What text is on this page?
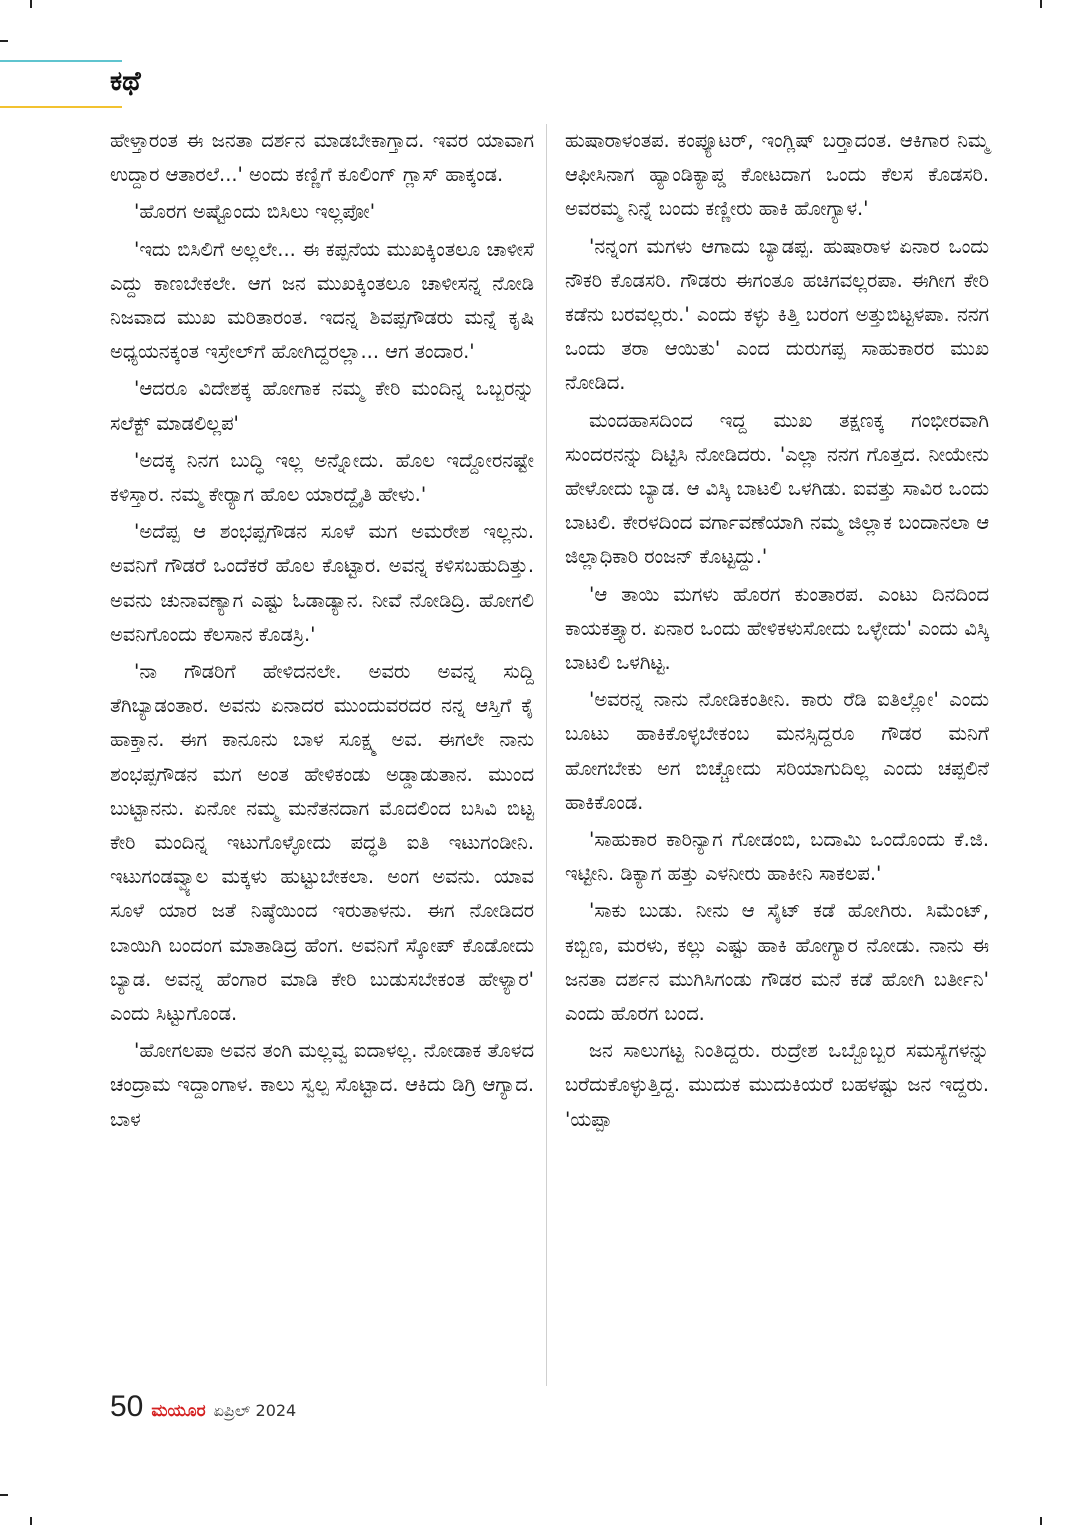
ಕಥೆ

ಹೇಳ್ತಾರಂತ ಈ ಜನತಾ ದರ್ಶನ ಮಾಡಬೇಕಾಗ್ತಾದ. ಇವರ ಯಾವಾಗ ಉದ್ದಾರ ಆತಾರಲೆ...' ಅಂದು ಕಣ್ಣಿಗೆ ಕೂಲಿಂಗ್ ಗ್ಲಾಸ್ ಹಾಕ್ಕಂಡ.

'ಹೊರಗ ಅಷ್ಟೊಂದು ಬಿಸಿಲು ಇಲ್ಲಪೋ'

'ಇದು ಬಿಸಿಲಿಗೆ ಅಲ್ಲಲೇ... ಈ ಕಪ್ಪನೆಯ ಮುಖಕ್ಕಿಂತಲೂ ಚಾಳೀಸೆ ಎದ್ದು ಕಾಣಬೇಕಲೇ. ಆಗ ಜನ ಮುಖಕ್ಕಿಂತಲೂ ಚಾಳೀಸನ್ನ ನೋಡಿ ನಿಜವಾದ ಮುಖ ಮರಿತಾರಂತ. ಇದನ್ನ ಶಿವಪ್ಪಗೌಡರು ಮನ್ನೆ ಕೃಷಿ ಅಧ್ಯಯನಕ್ಕಂತ ಇಸ್ರೇಲ್‌ಗೆ ಹೋಗಿದ್ದರಲ್ಲಾ... ಆಗ ತಂದಾರ.'

'ಆದರೂ ವಿದೇಶಕ್ಕ ಹೋಗಾಕ ನಮ್ಮ ಕೇರಿ ಮಂದಿನ್ನ ಒಬ್ಬರನ್ನು ಸಲೆಕ್ಟ್ ಮಾಡಲಿಲ್ಲಪ'

'ಅದಕ್ಕ ನಿನಗ ಬುದ್ಧಿ ಇಲ್ಲ ಅನ್ನೋದು. ಹೊಲ ಇದ್ದೋರನಷ್ಟೇ ಕಳಿಸ್ತಾರ. ನಮ್ಮ ಕೇರ್‍ಯಾಗ ಹೊಲ ಯಾರದ್ದೈತಿ ಹೇಳು.'

'ಅದೆಪ್ಪ ಆ ಶಂಭಪ್ಪಗೌಡನ ಸೂಳೆ ಮಗ ಅಮರೇಶ ಇಲ್ಲನು. ಅವನಿಗೆ ಗೌಡರೆ ಒಂದೆಕರೆ ಹೊಲ ಕೊಟ್ಟಾರ. ಅವನ್ನ ಕಳಿಸಬಹುದಿತ್ತು. ಅವನು ಚುನಾವಣ್ಯಾಗ ಎಷ್ಟು ಓಡಾಡ್ಯಾನ. ನೀವೆ ನೋಡಿದ್ರಿ. ಹೋಗಲಿ ಅವನಿಗೊಂದು ಕೆಲಸಾನ ಕೊಡಸ್ರಿ.'

'ನಾ ಗೌಡರಿಗೆ ಹೇಳಿದನಲೇ. ಅವರು ಅವನ್ನ ಸುದ್ದಿ ತೆಗಿಬ್ಯಾಡಂತಾರ. ಅವನು ಏನಾದರ ಮುಂದುವರದರ ನನ್ನ ಆಸ್ತಿಗೆ ಕೈ ಹಾಕ್ತಾನ. ಈಗ ಕಾನೂನು ಬಾಳ ಸೂಕ್ಷ್ಮ ಅವ. ಈಗಲೇ ನಾನು ಶಂಭಪ್ಪಗೌಡನ ಮಗ ಅಂತ ಹೇಳಿಕಂಡು ಅಡ್ಡಾಡುತಾನ. ಮುಂದ ಬುಟ್ಟಾನನು. ಏನೋ ನಮ್ಮ ಮನೆತನದಾಗ ಮೊದಲಿಂದ ಬಸಿವಿ ಬಿಟ್ಟ ಕೇರಿ ಮಂದಿನ್ನ ಇಟುಗೊಳ್ಳೋದು ಪದ್ಧತಿ ಐತಿ ಇಟುಗಂಡೀನಿ. ಇಟುಗಂಡವ್ವ್ಯಾಲ ಮಕ್ಕಳು ಹುಟ್ಟುಬೇಕಲಾ. ಅಂಗ ಅವನು. ಯಾವ ಸೂಳೆ ಯಾರ ಜತೆ ನಿಷ್ಠೆಯಿಂದ ಇರುತಾಳನು. ಈಗ ನೋಡಿದರ ಬಾಯಿಗಿ ಬಂದಂಗ ಮಾತಾಡಿದ್ರ ಹೆಂಗ. ಅವನಿಗೆ ಸ್ಕೋಪ್ ಕೊಡೋದು ಬ್ಯಾಡ. ಅವನ್ನ ಹೆಂಗಾರ ಮಾಡಿ ಕೇರಿ ಬುಡುಸಬೇಕಂತ ಹೇಳ್ಯಾರ' ಎಂದು ಸಿಟ್ಟುಗೊಂಡ.

'ಹೋಗಲಪಾ ಅವನ ತಂಗಿ ಮಲ್ಲವ್ವ ಐದಾಳಲ್ಲ. ನೋಡಾಕ ತೊಳದ ಚಂದ್ರಾಮ ಇದ್ದಾಂಗಾಳ. ಕಾಲು ಸ್ವಲ್ಪ ಸೊಟ್ಟಾದ. ಆಕಿದು ಡಿಗ್ರಿ ಆಗ್ಯಾದ. ಬಾಳ

ಹುಷಾರಾಳಂತಪ. ಕಂಪ್ಯೂಟರ್, ಇಂಗ್ಲಿಷ್ ಬರ್‍ತಾದಂತ. ಆಕಿಗಾರ ನಿಮ್ಮ ಆಫೀಸಿನಾಗ ಹ್ಯಾಂಡಿಕ್ಯಾಪ್ಡ ಕೋಟದಾಗ ಒಂದು ಕೆಲಸ ಕೊಡಸರಿ. ಅವರಮ್ಮ ನಿನ್ನೆ ಬಂದು ಕಣ್ಣೀರು ಹಾಕಿ ಹೋಗ್ಯಾಳ.'

'ನನ್ನಂಗ ಮಗಳು ಆಗಾದು ಬ್ಯಾಡಪ್ಪ. ಹುಷಾರಾಳ ಏನಾರ ಒಂದು ನೌಕರಿ ಕೊಡಸರಿ. ಗೌಡರು ಈಗಂತೂ ಹಚಿಗವಲ್ಲರಪಾ. ಈಗೀಗ ಕೇರಿ ಕಡೆನು ಬರವಲ್ಲರು.' ಎಂದು ಕಳ್ಳು ಕಿತ್ತಿ ಬರಂಗ ಅತ್ತುಬಿಟ್ಟಳಪಾ. ನನಗ ಒಂದು ತರಾ ಆಯಿತು' ಎಂದ ದುರುಗಪ್ಪ ಸಾಹುಕಾರರ ಮುಖ ನೋಡಿದ.

ಮಂದಹಾಸದಿಂದ ಇದ್ದ ಮುಖ ತಕ್ಷಣಕ್ಕ ಗಂಭೀರವಾಗಿ ಸುಂದರನನ್ನು ದಿಟ್ಟಿಸಿ ನೋಡಿದರು. 'ಎಲ್ಲಾ ನನಗ ಗೊತ್ತದ. ನೀಯೇನು ಹೇಳೋದು ಬ್ಯಾಡ. ಆ ವಿಸ್ಕಿ ಬಾಟಲಿ ಒಳಗಿಡು. ಐವತ್ತು ಸಾವಿರ ಒಂದು ಬಾಟಲಿ. ಕೇರಳದಿಂದ ವರ್ಗಾವಣೆಯಾಗಿ ನಮ್ಮ ಜಿಲ್ಲಾಕ ಬಂದಾನಲಾ ಆ ಜಿಲ್ಲಾಧಿಕಾರಿ ರಂಜನ್ ಕೊಟ್ಟದ್ದು.'

'ಆ ತಾಯಿ ಮಗಳು ಹೊರಗ ಕುಂತಾರಪ. ಎಂಟು ದಿನದಿಂದ ಕಾಯಕತ್ತ್ಯಾರ. ಏನಾರ ಒಂದು ಹೇಳಿಕಳುಸೋದು ಒಳ್ಳೇದು' ಎಂದು ವಿಸ್ಕಿ ಬಾಟಲಿ ಒಳಗಿಟ್ಟ.

'ಅವರನ್ನ ನಾನು ನೋಡಿಕಂತೀನಿ. ಕಾರು ರೆಡಿ ಐತಿಲ್ಲೋ' ಎಂದು ಬೂಟು ಹಾಕಿಕೊಳ್ಳಬೇಕಂಬ ಮನಸ್ಸಿದ್ದರೂ ಗೌಡರ ಮನಿಗೆ ಹೋಗಬೇಕು ಅಗ ಬಿಚ್ಚೋದು ಸರಿಯಾಗುದಿಲ್ಲ ಎಂದು ಚಪ್ಪಲಿನೆ ಹಾಕಿಕೊಂಡ.

'ಸಾಹುಕಾರ ಕಾರಿನ್ಯಾಗ ಗೋಡಂಬಿ, ಬದಾಮಿ ಒಂದೊಂದು ಕೆ.ಜಿ. ಇಟ್ಟೀನಿ. ಡಿಕ್ಯಾಗ ಹತ್ತು ಎಳನೀರು ಹಾಕೀನಿ ಸಾಕಲಪ.'

'ಸಾಕು ಬುಡು. ನೀನು ಆ ಸೈಟ್ ಕಡೆ ಹೋಗಿರು. ಸಿಮೆಂಟ್, ಕಬ್ಬಿಣ, ಮರಳು, ಕಲ್ಲು ಎಷ್ಟು ಹಾಕಿ ಹೋಗ್ಯಾರ ನೋಡು. ನಾನು ಈ ಜನತಾ ದರ್ಶನ ಮುಗಿಸಿಗಂಡು ಗೌಡರ ಮನೆ ಕಡೆ ಹೋಗಿ ಬರ್ತೀನಿ' ಎಂದು ಹೊರಗ ಬಂದ.

ಜನ ಸಾಲುಗಟ್ಟ ನಿಂತಿದ್ದರು. ರುದ್ರೇಶ ಒಬ್ಬೊಬ್ಬರ ಸಮಸ್ಯೆಗಳನ್ನು ಬರೆದುಕೊಳ್ಳುತ್ತಿದ್ದ. ಮುದುಕ ಮುದುಕಿಯರೆ ಬಹಳಷ್ಟು ಜನ ಇದ್ದರು. 'ಯಪ್ಪಾ

50 ಮಯೂರ ಏಪ್ರಿಲ್ 2024
